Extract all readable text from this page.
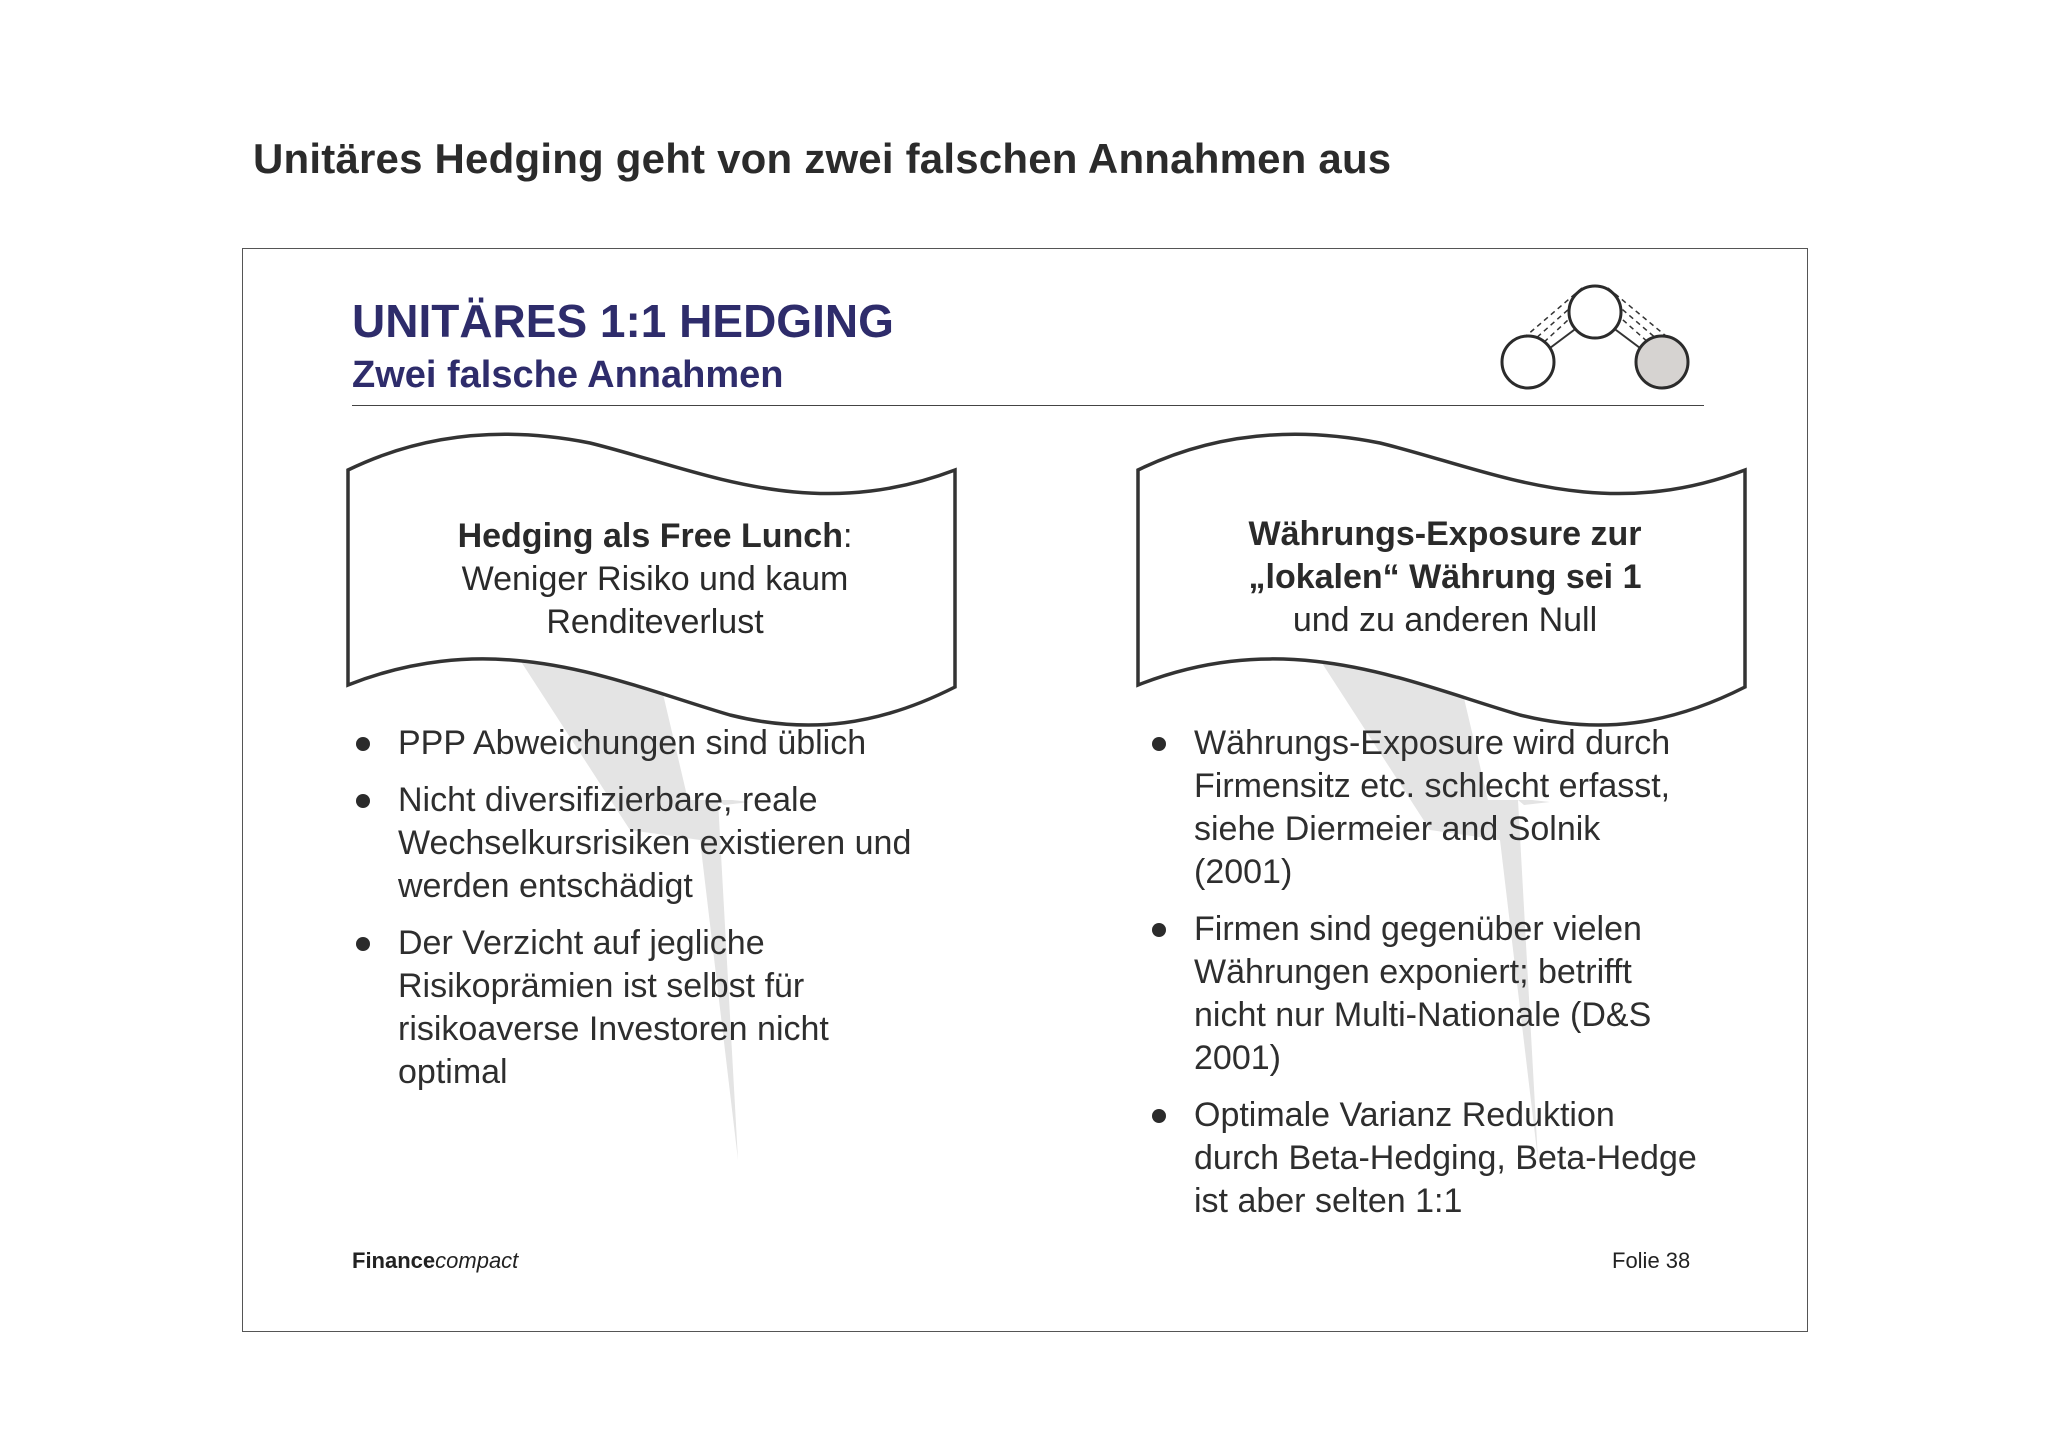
Unitäres Hedging geht von zwei falschen Annahmen aus
UNITÄRES 1:1 HEDGING
Zwei falsche Annahmen
Hedging als Free Lunch:
Weniger Risiko und kaum
Renditeverlust
Währungs-Exposure zur
„lokalen“ Währung sei 1
und zu anderen Null
PPP Abweichungen sind üblich
Nicht diversifizierbare, reale Wechselkursrisiken existieren und werden entschädigt
Der Verzicht auf jegliche Risikoprämien ist selbst für risikoaverse Investoren nicht optimal
Währungs-Exposure wird durch Firmensitz etc. schlecht erfasst, siehe Diermeier and Solnik (2001)
Firmen sind gegenüber vielen Währungen exponiert; betrifft nicht nur Multi-Nationale (D&S 2001)
Optimale Varianz Reduktion durch Beta-Hedging, Beta-Hedge ist aber selten 1:1
Financecompact	Folie 38
